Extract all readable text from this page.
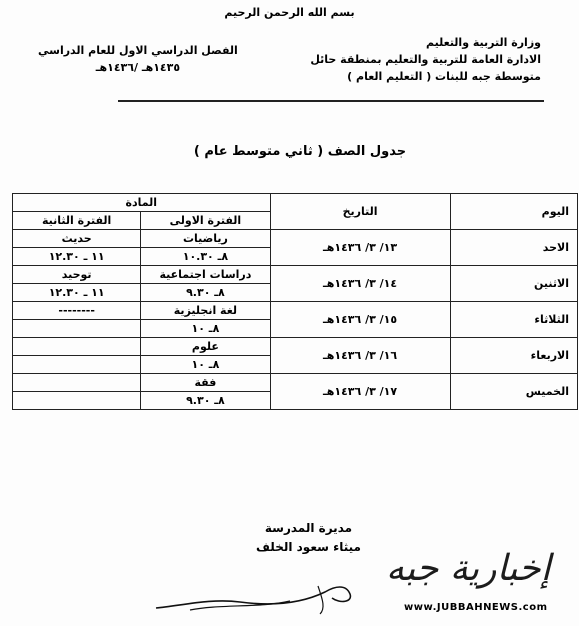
بسم الله الرحمن الرحيم
وزارة التربية والتعليم
الادارة العامة للتربية والتعليم بمنطقة حائل
متوسطة جبه للبنات ( التعليم العام )
الفصل الدراسي الاول للعام الدراسي
١٤٣٥هـ /١٤٣٦هـ
جدول الصف ( ثاني متوسط عام )
اليوم	التاريخ	المادة	
		الفترة الاولى	الفترة الثانية
الاحد	١٣/ ٣/ ١٤٣٦هـ	رياضيات	حديث
		٨ـ ١٠.٣٠	١١ ـ ١٢.٣٠
الاثنين	١٤/ ٣/ ١٤٣٦هـ	دراسات اجتماعية	توحيد
		٨ـ ٩.٣٠	١١ ـ ١٢.٣٠
الثلاثاء	١٥/ ٣/ ١٤٣٦هـ	لغة انجليزية	--------
		٨ـ ١٠	
الاربعاء	١٦/ ٣/ ١٤٣٦هـ	علوم	
		٨ـ ١٠	
الخميس	١٧/ ٣/ ١٤٣٦هـ	فقة	
		٨ـ ٩.٣٠	
مديرة المدرسة
ميثاء سعود الخلف
إخبارية جبه
www.JUBBAHNEWS.com
